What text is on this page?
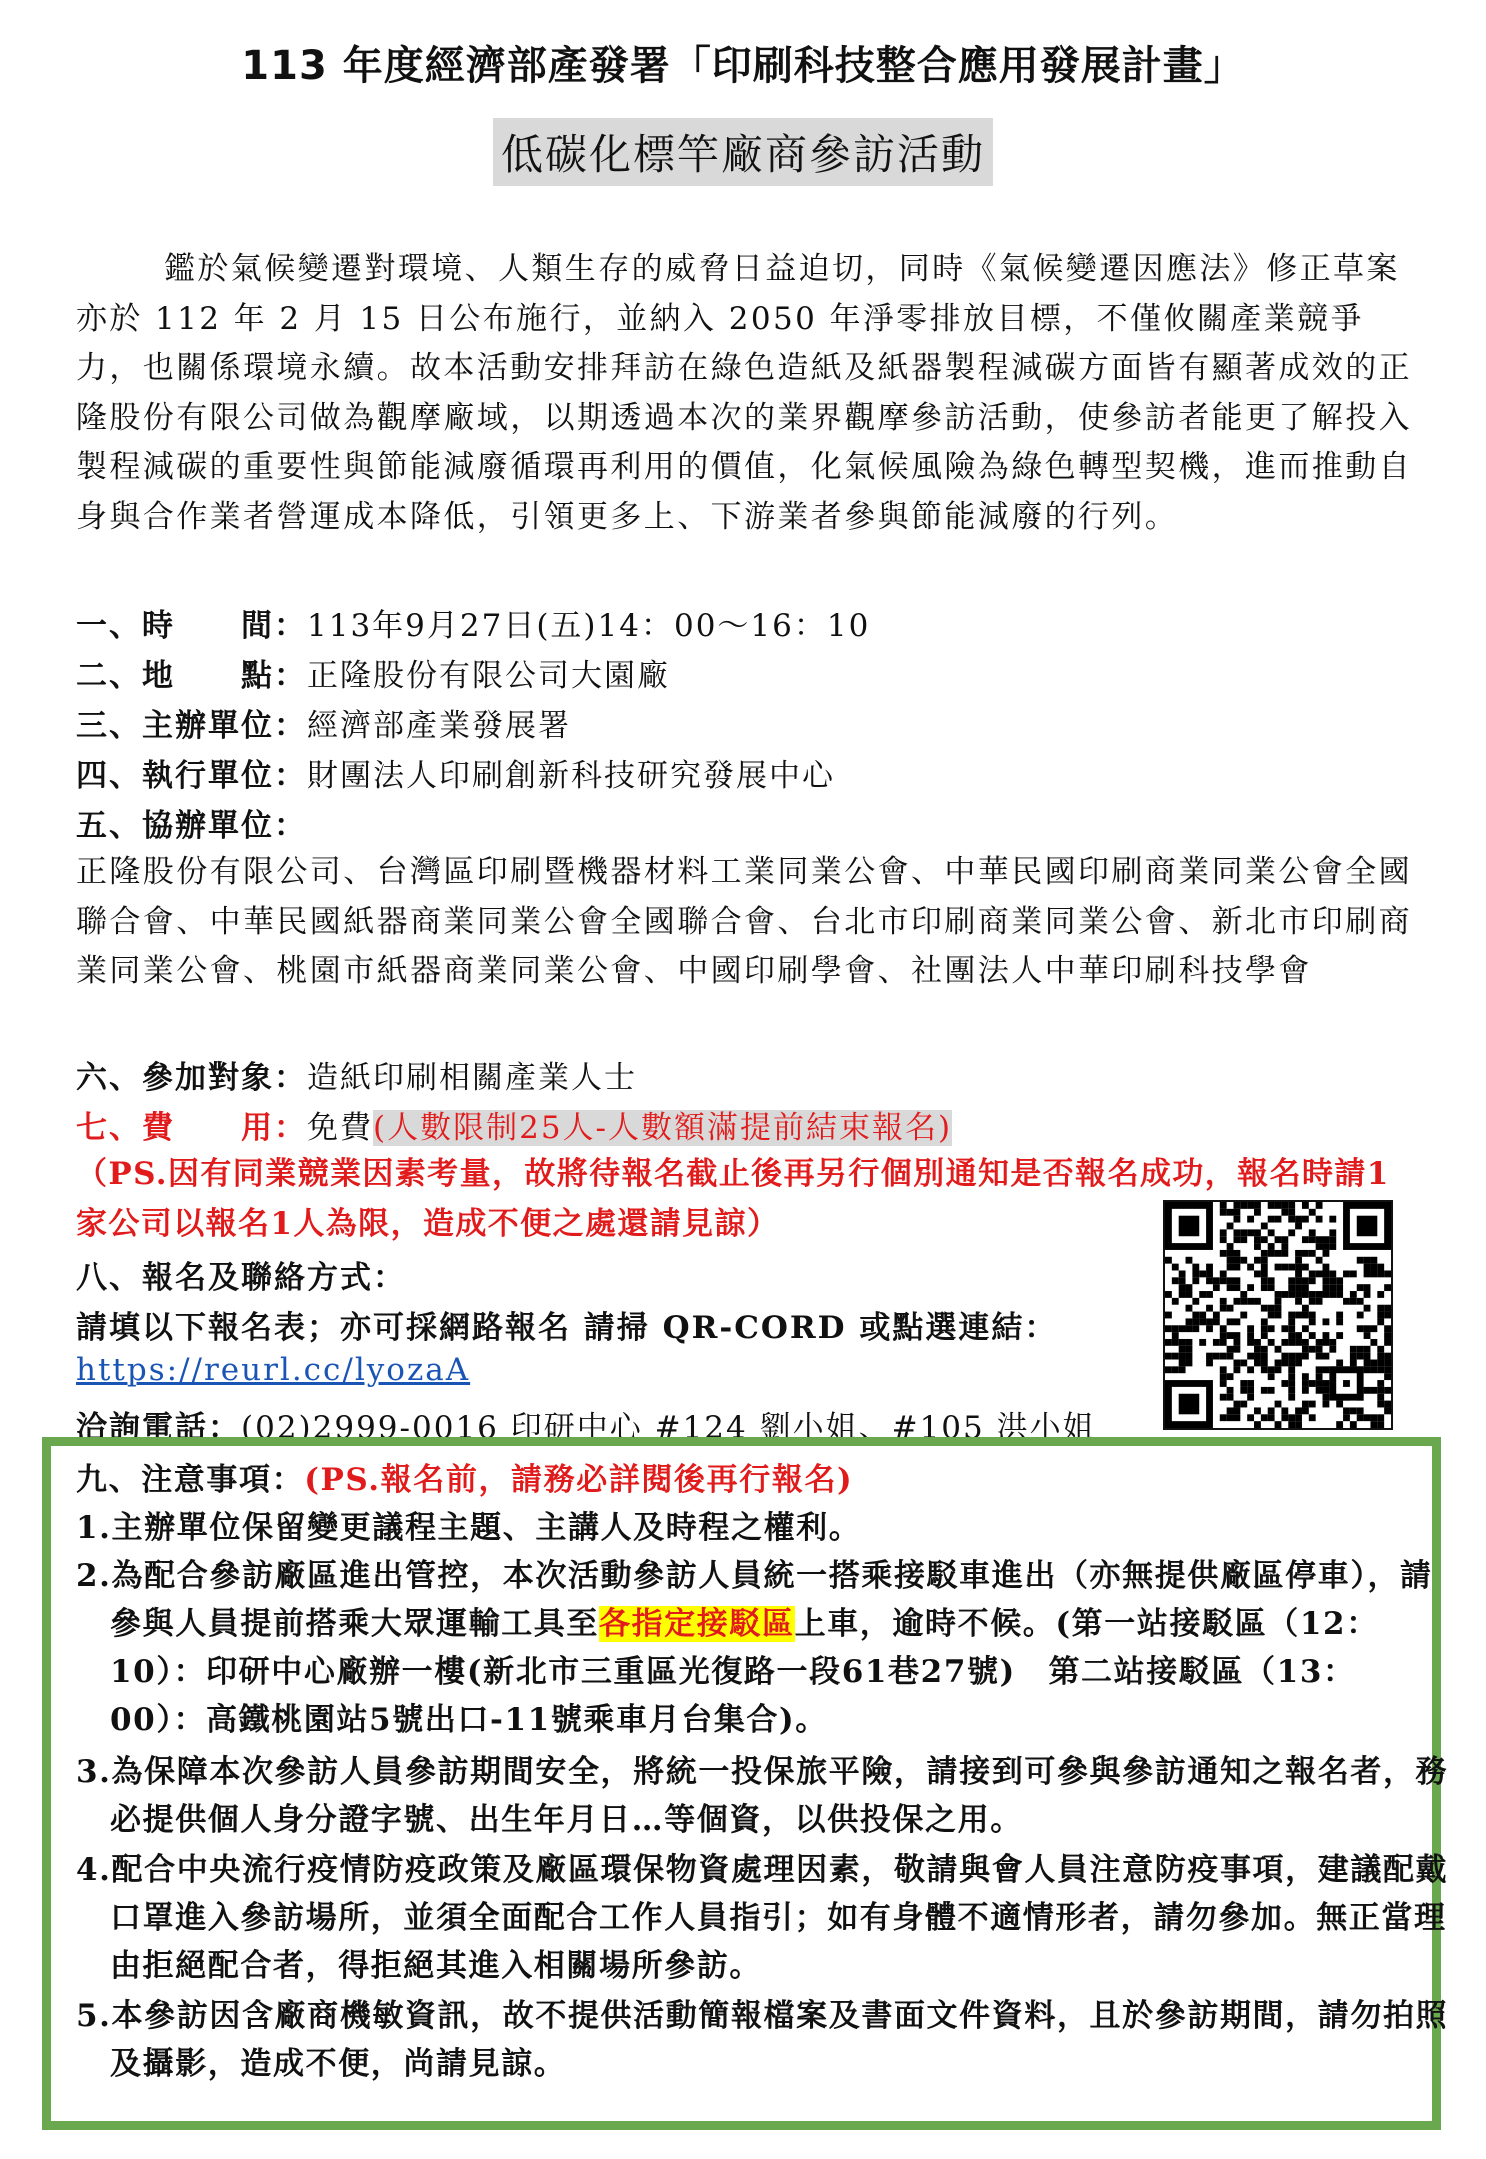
113 年度經濟部產發署「印刷科技整合應用發展計畫」
低碳化標竿廠商參訪活動
鑑於氣候變遷對環境、人類生存的威脅日益迫切，同時《氣候變遷因應法》修正草案亦於 112 年 2 月 15 日公布施行，並納入 2050 年淨零排放目標，不僅攸關產業競爭力，也關係環境永續。故本活動安排拜訪在綠色造紙及紙器製程減碳方面皆有顯著成效的正隆股份有限公司做為觀摩廠域，以期透過本次的業界觀摩參訪活動，使參訪者能更了解投入製程減碳的重要性與節能減廢循環再利用的價值，化氣候風險為綠色轉型契機，進而推動自身與合作業者營運成本降低，引領更多上、下游業者參與節能減廢的行列。
一、時　　間：113年9月27日(五)14：00～16：10
二、地　　點：正隆股份有限公司大園廠
三、主辦單位：經濟部產業發展署
四、執行單位：財團法人印刷創新科技研究發展中心
五、協辦單位：
正隆股份有限公司、台灣區印刷暨機器材料工業同業公會、中華民國印刷商業同業公會全國聯合會、中華民國紙器商業同業公會全國聯合會、台北市印刷商業同業公會、新北市印刷商業同業公會、桃園市紙器商業同業公會、中國印刷學會、社團法人中華印刷科技學會
六、參加對象：造紙印刷相關產業人士
七、費　　用：免費(人數限制25人-人數額滿提前結束報名)
（PS.因有同業競業因素考量，故將待報名截止後再另行個別通知是否報名成功，報名時請1家公司以報名1人為限，造成不便之處還請見諒）
八、報名及聯絡方式：
請填以下報名表；亦可採網路報名 請掃 QR-CORD 或點選連結：
https://reurl.cc/lyozaA
洽詢電話：(02)2999-0016 印研中心 #124 劉小姐、#105 洪小姐
九、注意事項：(PS.報名前，請務必詳閱後再行報名)
1.主辦單位保留變更議程主題、主講人及時程之權利。
2.為配合參訪廠區進出管控，本次活動參訪人員統一搭乘接駁車進出（亦無提供廠區停車），請參與人員提前搭乘大眾運輸工具至各指定接駁區上車，逾時不候。(第一站接駁區（12：10）：印研中心廠辦一樓(新北市三重區光復路一段61巷27號)　第二站接駁區（13：00）：高鐵桃園站5號出口-11號乘車月台集合)。
3.為保障本次參訪人員參訪期間安全，將統一投保旅平險，請接到可參與參訪通知之報名者，務必提供個人身分證字號、出生年月日…等個資，以供投保之用。
4.配合中央流行疫情防疫政策及廠區環保物資處理因素，敬請與會人員注意防疫事項，建議配戴口罩進入參訪場所，並須全面配合工作人員指引；如有身體不適情形者，請勿參加。無正當理由拒絕配合者，得拒絕其進入相關場所參訪。
5.本參訪因含廠商機敏資訊，故不提供活動簡報檔案及書面文件資料，且於參訪期間，請勿拍照及攝影，造成不便，尚請見諒。
